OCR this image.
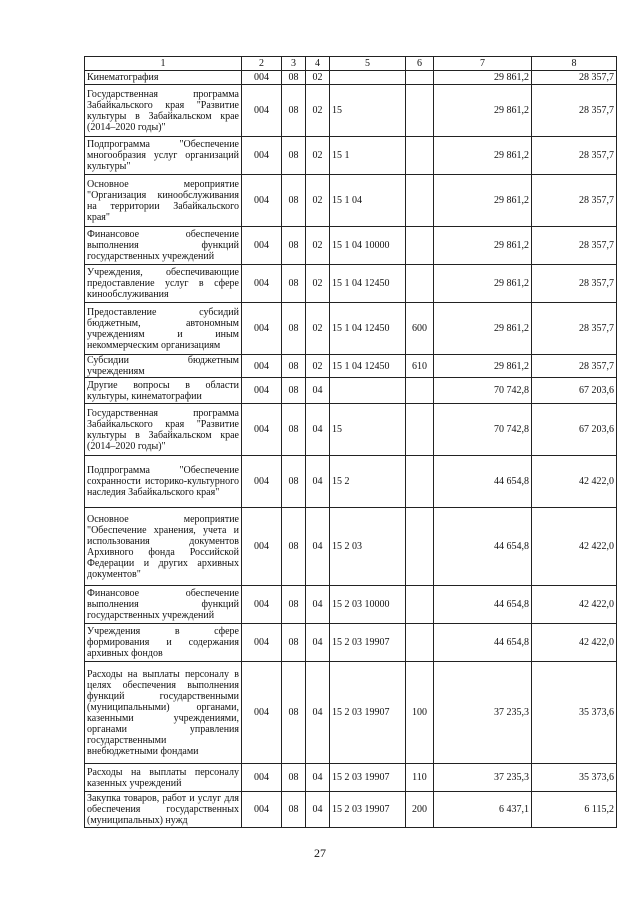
1	2	3	4	5	6	7	8
Кинематография	004	08	02			29 861,2	28 357,7
Государственная программа Забайкальского края "Развитие культуры в Забайкальском крае (2014–2020 годы)"	004	08	02	15		29 861,2	28 357,7
Подпрограмма "Обеспечение многообразия услуг организаций культуры"	004	08	02	15 1		29 861,2	28 357,7
Основное мероприятие "Организация кинообслуживания на территории Забайкальского края"	004	08	02	15 1 04		29 861,2	28 357,7
Финансовое обеспечение выполнения функций государственных учреждений	004	08	02	15 1 04 10000		29 861,2	28 357,7
Учреждения, обеспечивающие предоставление услуг в сфере кинообслуживания	004	08	02	15 1 04 12450		29 861,2	28 357,7
Предоставление субсидий бюджетным, автономным учреждениям и иным некоммерческим организациям	004	08	02	15 1 04 12450	600	29 861,2	28 357,7
Субсидии бюджетным учреждениям	004	08	02	15 1 04 12450	610	29 861,2	28 357,7
Другие вопросы в области культуры, кинематографии	004	08	04			70 742,8	67 203,6
Государственная программа Забайкальского края "Развитие культуры в Забайкальском крае (2014–2020 годы)"	004	08	04	15		70 742,8	67 203,6
Подпрограмма "Обеспечение сохранности историко-культурного наследия Забайкальского края"	004	08	04	15 2		44 654,8	42 422,0
Основное мероприятие "Обеспечение хранения, учета и использования документов Архивного фонда Российской Федерации и других архивных документов"	004	08	04	15 2 03		44 654,8	42 422,0
Финансовое обеспечение выполнения функций государственных учреждений	004	08	04	15 2 03 10000		44 654,8	42 422,0
Учреждения в сфере формирования и содержания архивных фондов	004	08	04	15 2 03 19907		44 654,8	42 422,0
Расходы на выплаты персоналу в целях обеспечения выполнения функций государственными (муниципальными) органами, казенными учреждениями, органами управления государственными внебюджетными фондами	004	08	04	15 2 03 19907	100	37 235,3	35 373,6
Расходы на выплаты персоналу казенных учреждений	004	08	04	15 2 03 19907	110	37 235,3	35 373,6
Закупка товаров, работ и услуг для обеспечения государственных (муниципальных) нужд	004	08	04	15 2 03 19907	200	6 437,1	6 115,2
27
